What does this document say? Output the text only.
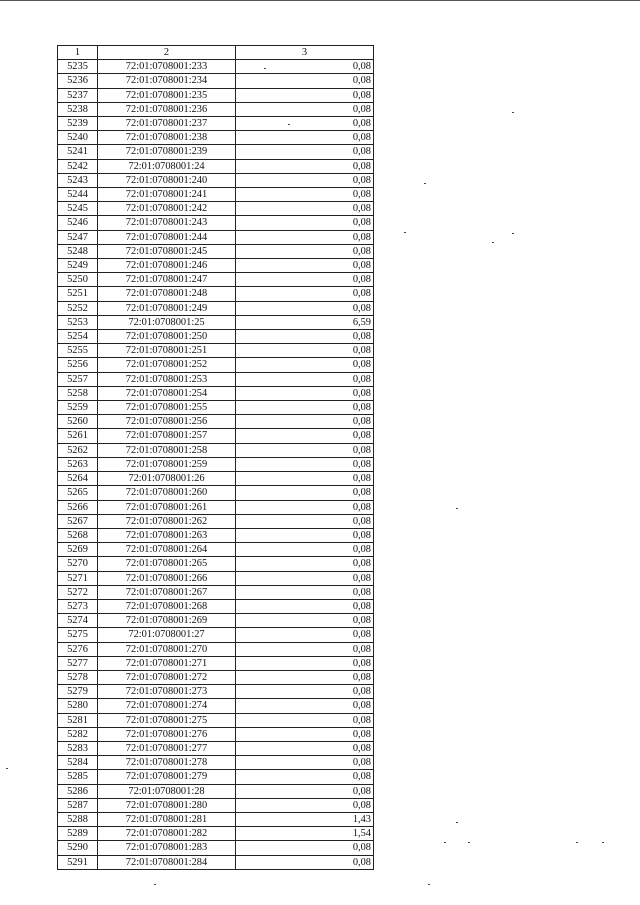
1	2	3
5235	72:01:0708001:233	0,08
5236	72:01:0708001:234	0,08
5237	72:01:0708001:235	0,08
5238	72:01:0708001:236	0,08
5239	72:01:0708001:237	0,08
5240	72:01:0708001:238	0,08
5241	72:01:0708001:239	0,08
5242	72:01:0708001:24	0,08
5243	72:01:0708001:240	0,08
5244	72:01:0708001:241	0,08
5245	72:01:0708001:242	0,08
5246	72:01:0708001:243	0,08
5247	72:01:0708001:244	0,08
5248	72:01:0708001:245	0,08
5249	72:01:0708001:246	0,08
5250	72:01:0708001:247	0,08
5251	72:01:0708001:248	0,08
5252	72:01:0708001:249	0,08
5253	72:01:0708001:25	6,59
5254	72:01:0708001:250	0,08
5255	72:01:0708001:251	0,08
5256	72:01:0708001:252	0,08
5257	72:01:0708001:253	0,08
5258	72:01:0708001:254	0,08
5259	72:01:0708001:255	0,08
5260	72:01:0708001:256	0,08
5261	72:01:0708001:257	0,08
5262	72:01:0708001:258	0,08
5263	72:01:0708001:259	0,08
5264	72:01:0708001:26	0,08
5265	72:01:0708001:260	0,08
5266	72:01:0708001:261	0,08
5267	72:01:0708001:262	0,08
5268	72:01:0708001:263	0,08
5269	72:01:0708001:264	0,08
5270	72:01:0708001:265	0,08
5271	72:01:0708001:266	0,08
5272	72:01:0708001:267	0,08
5273	72:01:0708001:268	0,08
5274	72:01:0708001:269	0,08
5275	72:01:0708001:27	0,08
5276	72:01:0708001:270	0,08
5277	72:01:0708001:271	0,08
5278	72:01:0708001:272	0,08
5279	72:01:0708001:273	0,08
5280	72:01:0708001:274	0,08
5281	72:01:0708001:275	0,08
5282	72:01:0708001:276	0,08
5283	72:01:0708001:277	0,08
5284	72:01:0708001:278	0,08
5285	72:01:0708001:279	0,08
5286	72:01:0708001:28	0,08
5287	72:01:0708001:280	0,08
5288	72:01:0708001:281	1,43
5289	72:01:0708001:282	1,54
5290	72:01:0708001:283	0,08
5291	72:01:0708001:284	0,08
